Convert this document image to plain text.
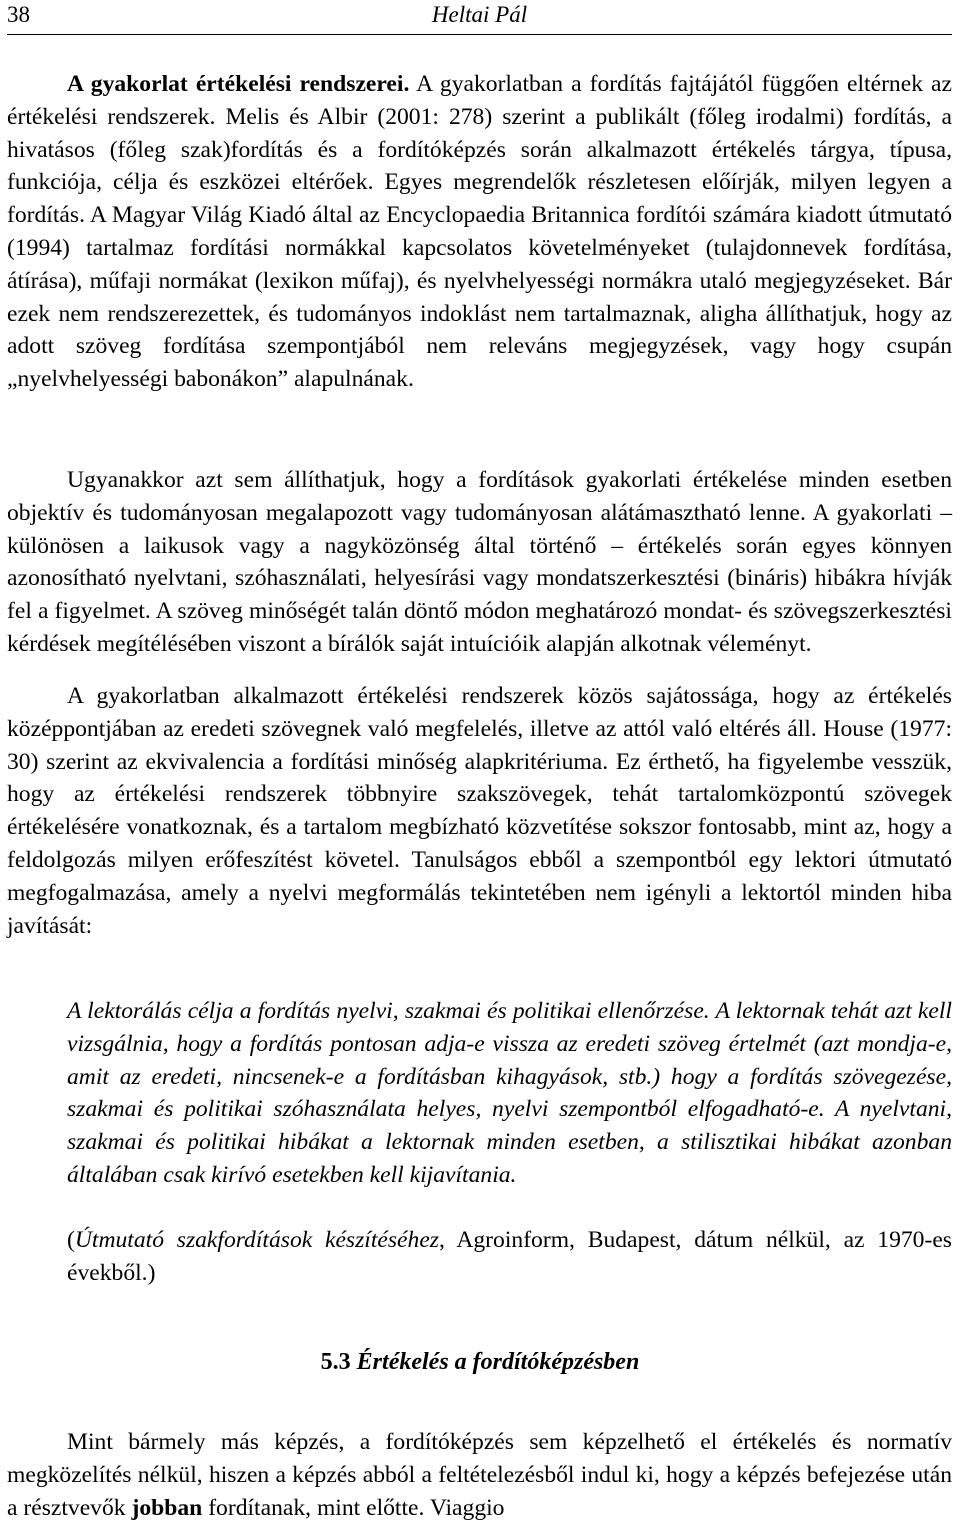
38	Heltai Pál

A gyakorlat értékelési rendszerei. A gyakorlatban a fordítás fajtájától függően eltérnek az értékelési rendszerek. Melis és Albir (2001: 278) szerint a publikált (főleg irodalmi) fordítás, a hivatásos (főleg szak)fordítás és a fordítóképzés során alkalmazott értékelés tárgya, típusa, funkciója, célja és eszközei eltérőek. Egyes megrendelők részletesen előírják, milyen legyen a fordítás. A Magyar Világ Kiadó által az Encyclopaedia Britannica fordítói számára kiadott útmutató (1994) tartalmaz fordítási normákkal kapcsolatos követelményeket (tulajdonnevek fordítása, átírása), műfaji normákat (lexikon műfaj), és nyelvhelyességi normákra utaló megjegyzéseket. Bár ezek nem rendszerezettek, és tudományos indoklást nem tartalmaznak, aligha állíthatjuk, hogy az adott szöveg fordítása szempontjából nem releváns megjegyzések, vagy hogy csupán „nyelvhelyességi babonákon” alapulnának.

Ugyanakkor azt sem állíthatjuk, hogy a fordítások gyakorlati értékelése minden esetben objektív és tudományosan megalapozott vagy tudományosan alátámasztható lenne. A gyakorlati – különösen a laikusok vagy a nagyközönség által történő – értékelés során egyes könnyen azonosítható nyelvtani, szóhasználati, helyesírási vagy mondatszerkesztési (bináris) hibákra hívják fel a figyelmet. A szöveg minőségét talán döntő módon meghatározó mondat- és szövegszerkesztési kérdések megítélésében viszont a bírálók saját intuícióik alapján alkotnak véleményt.

A gyakorlatban alkalmazott értékelési rendszerek közös sajátossága, hogy az értékelés középpontjában az eredeti szövegnek való megfelelés, illetve az attól való eltérés áll. House (1977: 30) szerint az ekvivalencia a fordítási minőség alapkritériuma. Ez érthető, ha figyelembe vesszük, hogy az értékelési rendszerek többnyire szakszövegek, tehát tartalomközpontú szövegek értékelésére vonatkoznak, és a tartalom megbízható közvetítése sokszor fontosabb, mint az, hogy a feldolgozás milyen erőfeszítést követel. Tanulságos ebből a szempontból egy lektori útmutató megfogalmazása, amely a nyelvi megformálás tekintetében nem igényli a lektortól minden hiba javítását:

A lektorálás célja a fordítás nyelvi, szakmai és politikai ellenőrzése. A lektornak tehát azt kell vizsgálnia, hogy a fordítás pontosan adja-e vissza az eredeti szöveg értelmét (azt mondja-e, amit az eredeti, nincsenek-e a fordításban kihagyások, stb.) hogy a fordítás szövegezése, szakmai és politikai szóhasználata helyes, nyelvi szempontból elfogadható-e. A nyelvtani, szakmai és politikai hibákat a lektornak minden esetben, a stilisztikai hibákat azonban általában csak kirívó esetekben kell kijavítania.

(Útmutató szakfordítások készítéséhez, Agroinform, Budapest, dátum nélkül, az 1970-es évekből.)

5.3 Értékelés a fordítóképzésben

Mint bármely más képzés, a fordítóképzés sem képzelhető el értékelés és normatív megközelítés nélkül, hiszen a képzés abból a feltételezésből indul ki, hogy a képzés befejezése után a résztvevők jobban fordítanak, mint előtte. Viaggio
